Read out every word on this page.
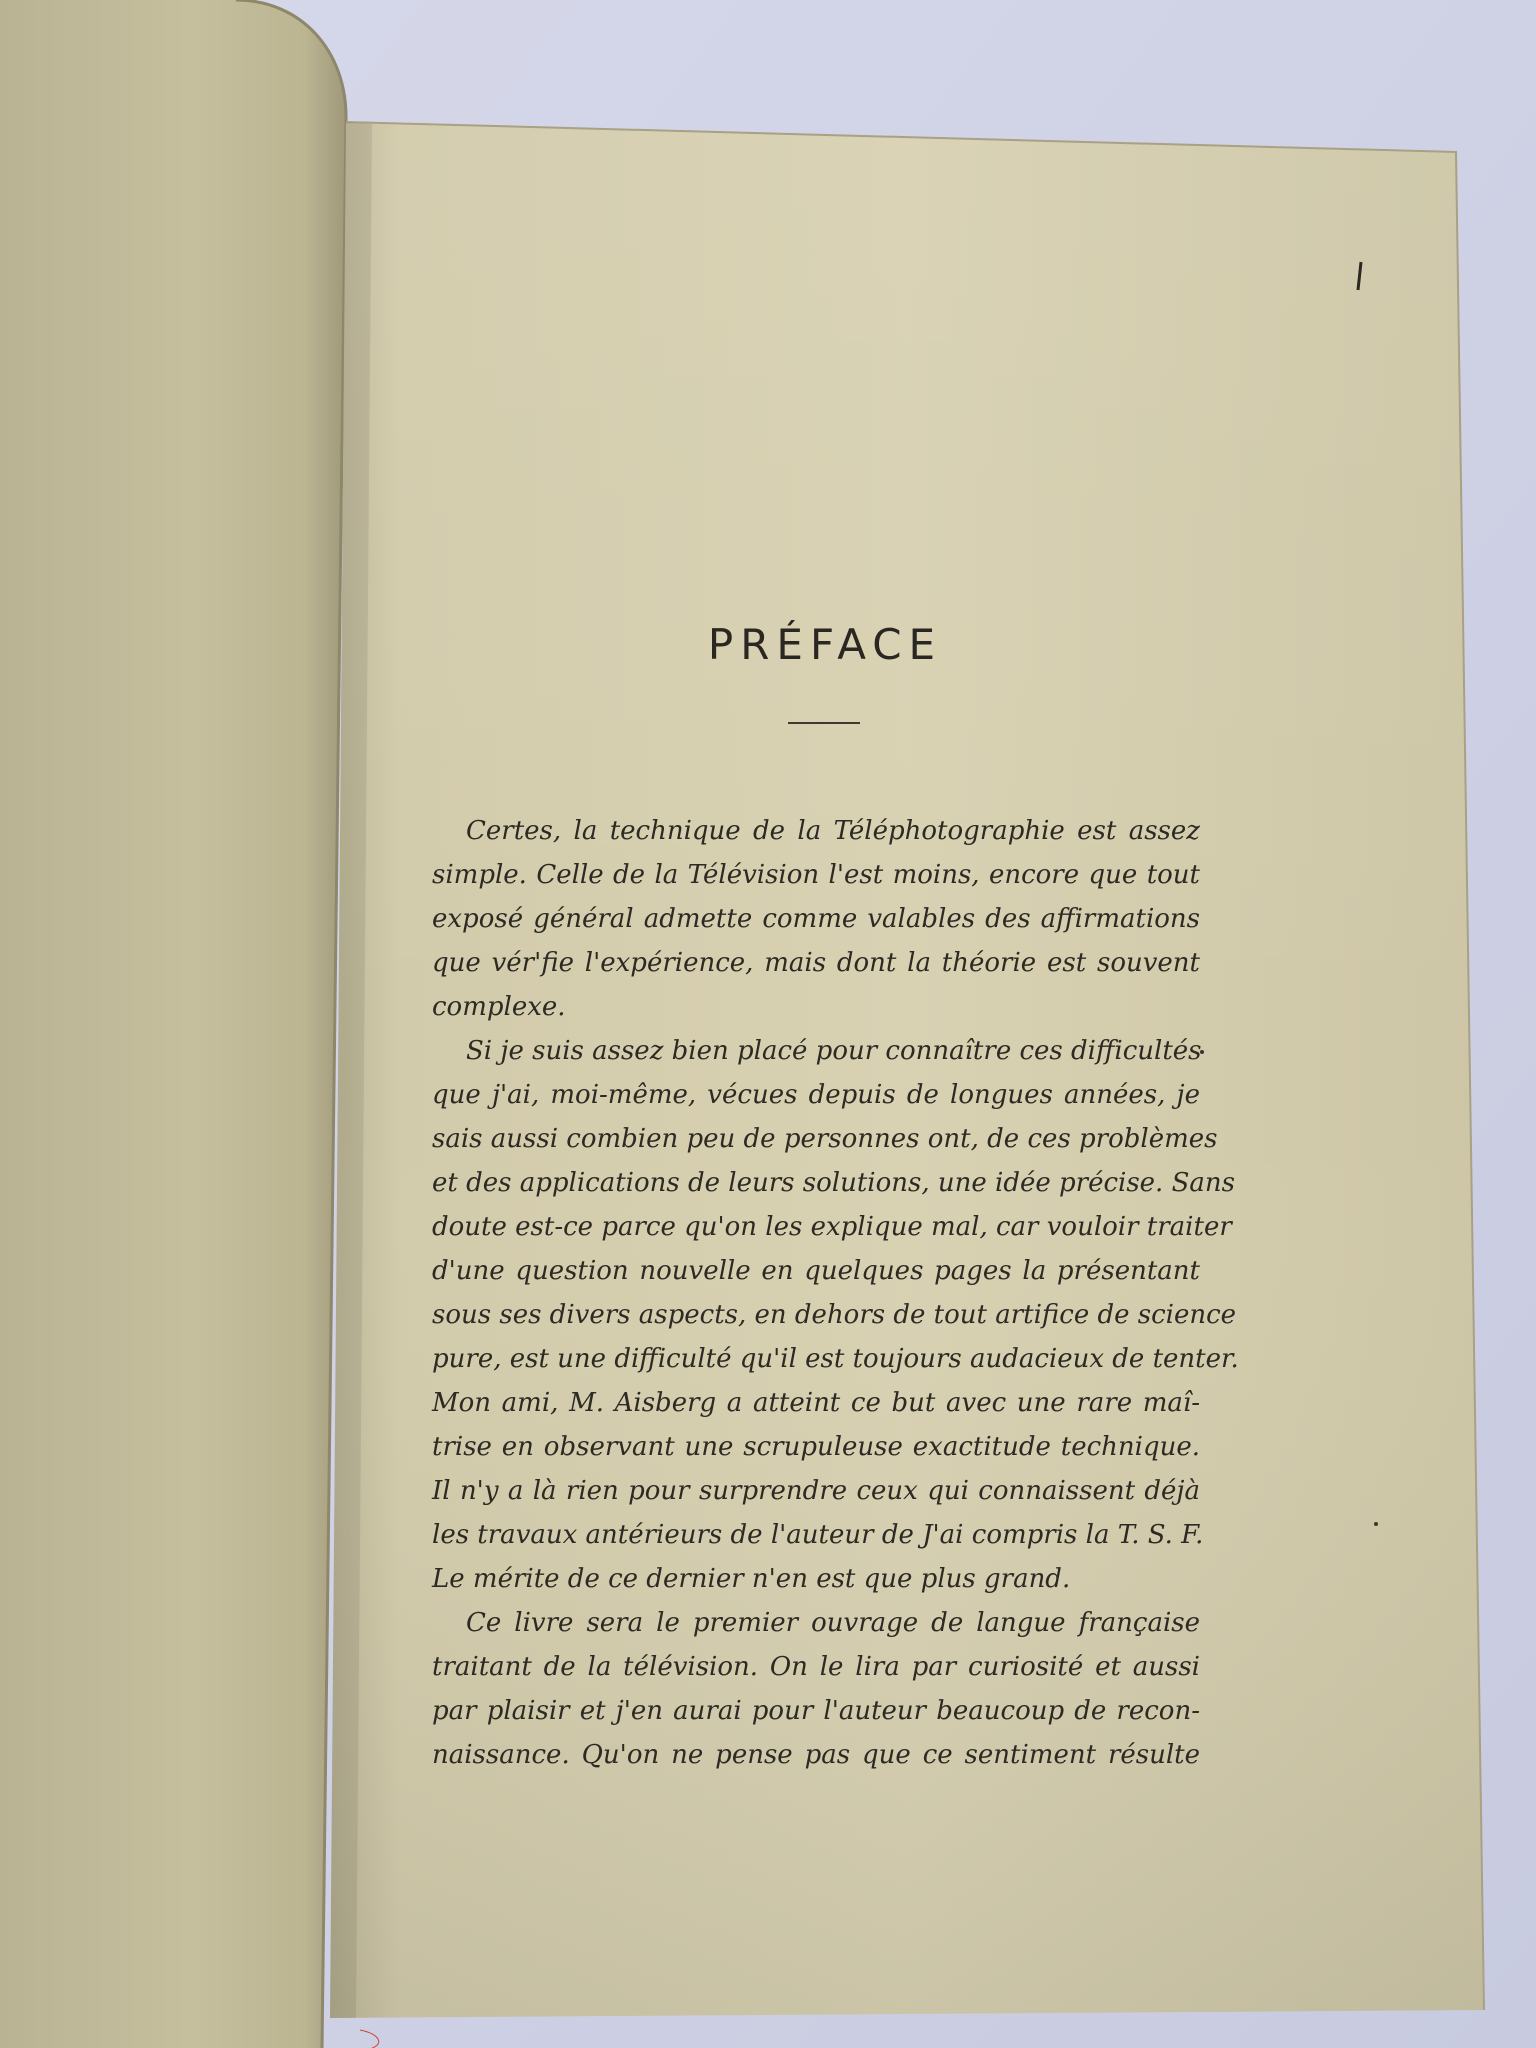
PRÉFACE
Certes, la technique de la Téléphotographie est assez
simple. Celle de la Télévision l'est moins, encore que tout
exposé général admette comme valables des affirmations
que vér'fie l'expérience, mais dont la théorie est souvent
complexe.
Si je suis assez bien placé pour connaître ces difficultés
que j'ai, moi-même, vécues depuis de longues années, je
sais aussi combien peu de personnes ont, de ces problèmes
et des applications de leurs solutions, une idée précise. Sans
doute est-ce parce qu'on les explique mal, car vouloir traiter
d'une question nouvelle en quelques pages la présentant
sous ses divers aspects, en dehors de tout artifice de science
pure, est une difficulté qu'il est toujours audacieux de tenter.
Mon ami, M. Aisberg a atteint ce but avec une rare maî-
trise en observant une scrupuleuse exactitude technique.
Il n'y a là rien pour surprendre ceux qui connaissent déjà
les travaux antérieurs de l'auteur de J'ai compris la T. S. F.
Le mérite de ce dernier n'en est que plus grand.
Ce livre sera le premier ouvrage de langue française
traitant de la télévision. On le lira par curiosité et aussi
par plaisir et j'en aurai pour l'auteur beaucoup de recon-
naissance. Qu'on ne pense pas que ce sentiment résulte
